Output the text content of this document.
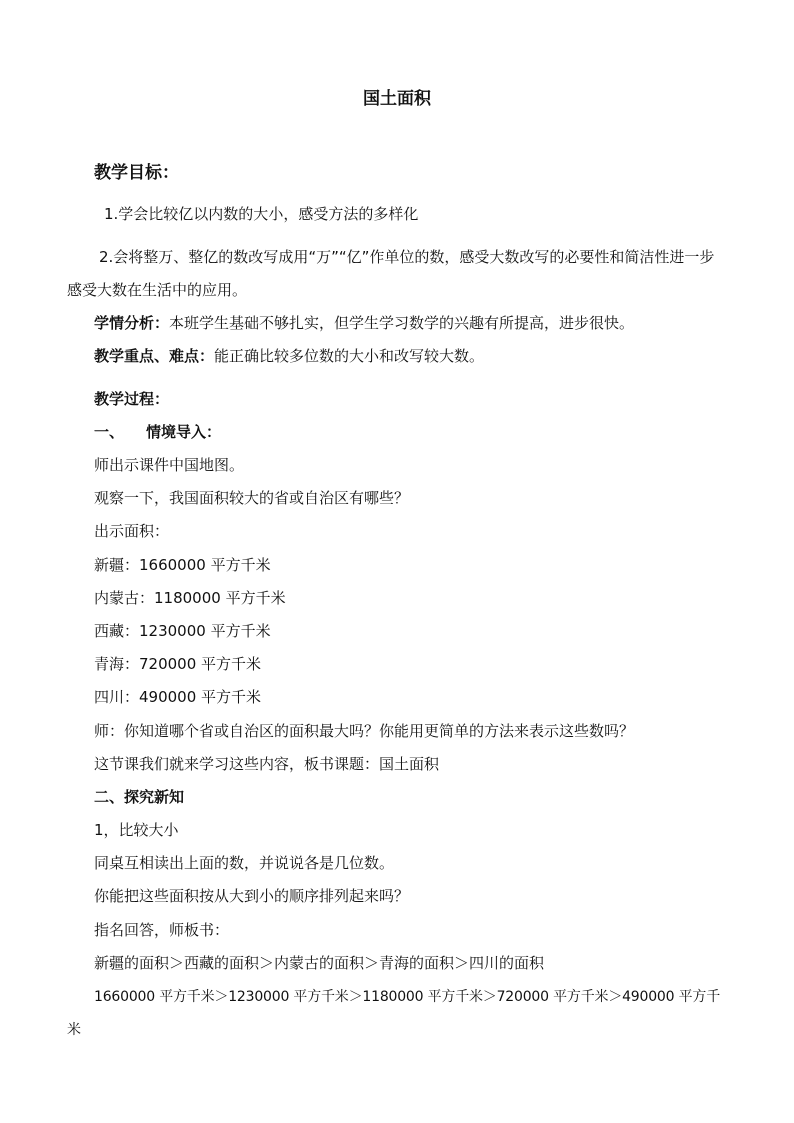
国土面积
教学目标：
1.学会比较亿以内数的大小，感受方法的多样化
2.会将整万、整亿的数改写成用“万”“亿”作单位的数，感受大数改写的必要性和简洁性进一步感受大数在生活中的应用。
学情分析：本班学生基础不够扎实，但学生学习数学的兴趣有所提高，进步很快。
教学重点、难点：能正确比较多位数的大小和改写较大数。
教学过程：
一、 情境导入：
师出示课件中国地图。
观察一下，我国面积较大的省或自治区有哪些？
出示面积：
新疆：1660000 平方千米
内蒙古：1180000 平方千米
西藏：1230000 平方千米
青海：720000 平方千米
四川：490000 平方千米
师：你知道哪个省或自治区的面积最大吗？你能用更简单的方法来表示这些数吗？
这节课我们就来学习这些内容，板书课题：国土面积
二、探究新知
1，比较大小
同桌互相读出上面的数，并说说各是几位数。
你能把这些面积按从大到小的顺序排列起来吗？
指名回答，师板书：
新疆的面积＞西藏的面积＞内蒙古的面积＞青海的面积＞四川的面积
1660000 平方千米＞1230000 平方千米＞1180000 平方千米＞720000 平方千米＞490000 平方千米
